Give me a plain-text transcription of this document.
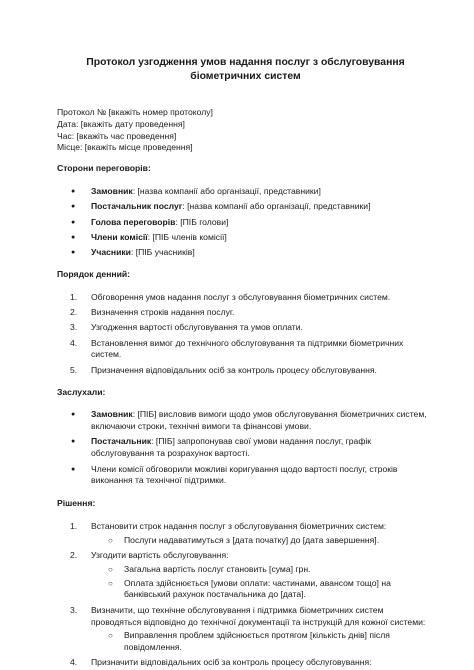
Протокол узгодження умов надання послуг з обслуговування біометричних систем

Протокол № [вкажіть номер протоколу]

Дата: [вкажіть дату проведення]

Час: [вкажіть час проведення]

Місце: [вкажіть місце проведення]

Сторони переговорів:

● Замовник: [назва компанії або організації, представники]
● Постачальник послуг: [назва компанії або організації, представники]
● Голова переговорів: [ПІБ голови]
● Члени комісії: [ПІБ членів комісії]
● Учасники: [ПІБ учасників]

Порядок денний:

1. Обговорення умов надання послуг з обслуговування біометричних систем.
2. Визначення строків надання послуг.
3. Узгодження вартості обслуговування та умов оплати.
4. Встановлення вимог до технічного обслуговування та підтримки біометричних систем.
5. Призначення відповідальних осіб за контроль процесу обслуговування.

Заслухали:

● Замовник: [ПІБ] висловив вимоги щодо умов обслуговування біометричних систем, включаючи строки, технічні вимоги та фінансові умови.
● Постачальник: [ПІБ] запропонував свої умови надання послуг, графік обслуговування та розрахунок вартості.
● Члени комісії обговорили можливі коригування щодо вартості послуг, строків виконання та технічної підтримки.

Рішення:

1. Встановити строк надання послуг з обслуговування біометричних систем:
○ Послуги надаватимуться з [дата початку] до [дата завершення].
2. Узгодити вартість обслуговування:
○ Загальна вартість послуг становить [сума] грн.
○ Оплата здійснюється [умови оплати: частинами, авансом тощо] на банківський рахунок постачальника до [дата].
3. Визначити, що технічне обслуговування і підтримка біометричних систем проводяться відповідно до технічної документації та інструкцій для кожної системи:
○ Виправлення проблем здійснюється протягом [кількість днів] після повідомлення.
4. Призначити відповідальних осіб за контроль процесу обслуговування:
